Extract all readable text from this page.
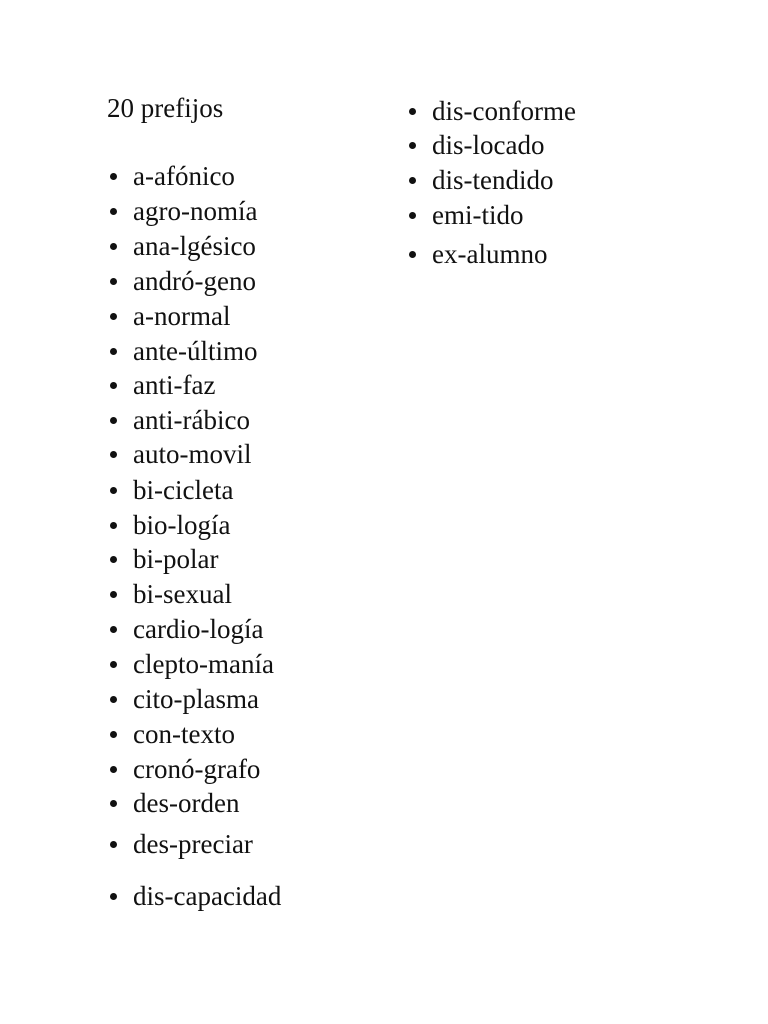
20 prefijos
a-afónico
agro-nomía
ana-lgésico
andró-geno
a-normal
ante-último
anti-faz
anti-rábico
auto-movil
bi-cicleta
bio-logía
bi-polar
bi-sexual
cardio-logía
clepto-manía
cito-plasma
con-texto
cronó-grafo
des-orden
des-preciar
dis-capacidad
dis-conforme
dis-locado
dis-tendido
emi-tido
ex-alumno
